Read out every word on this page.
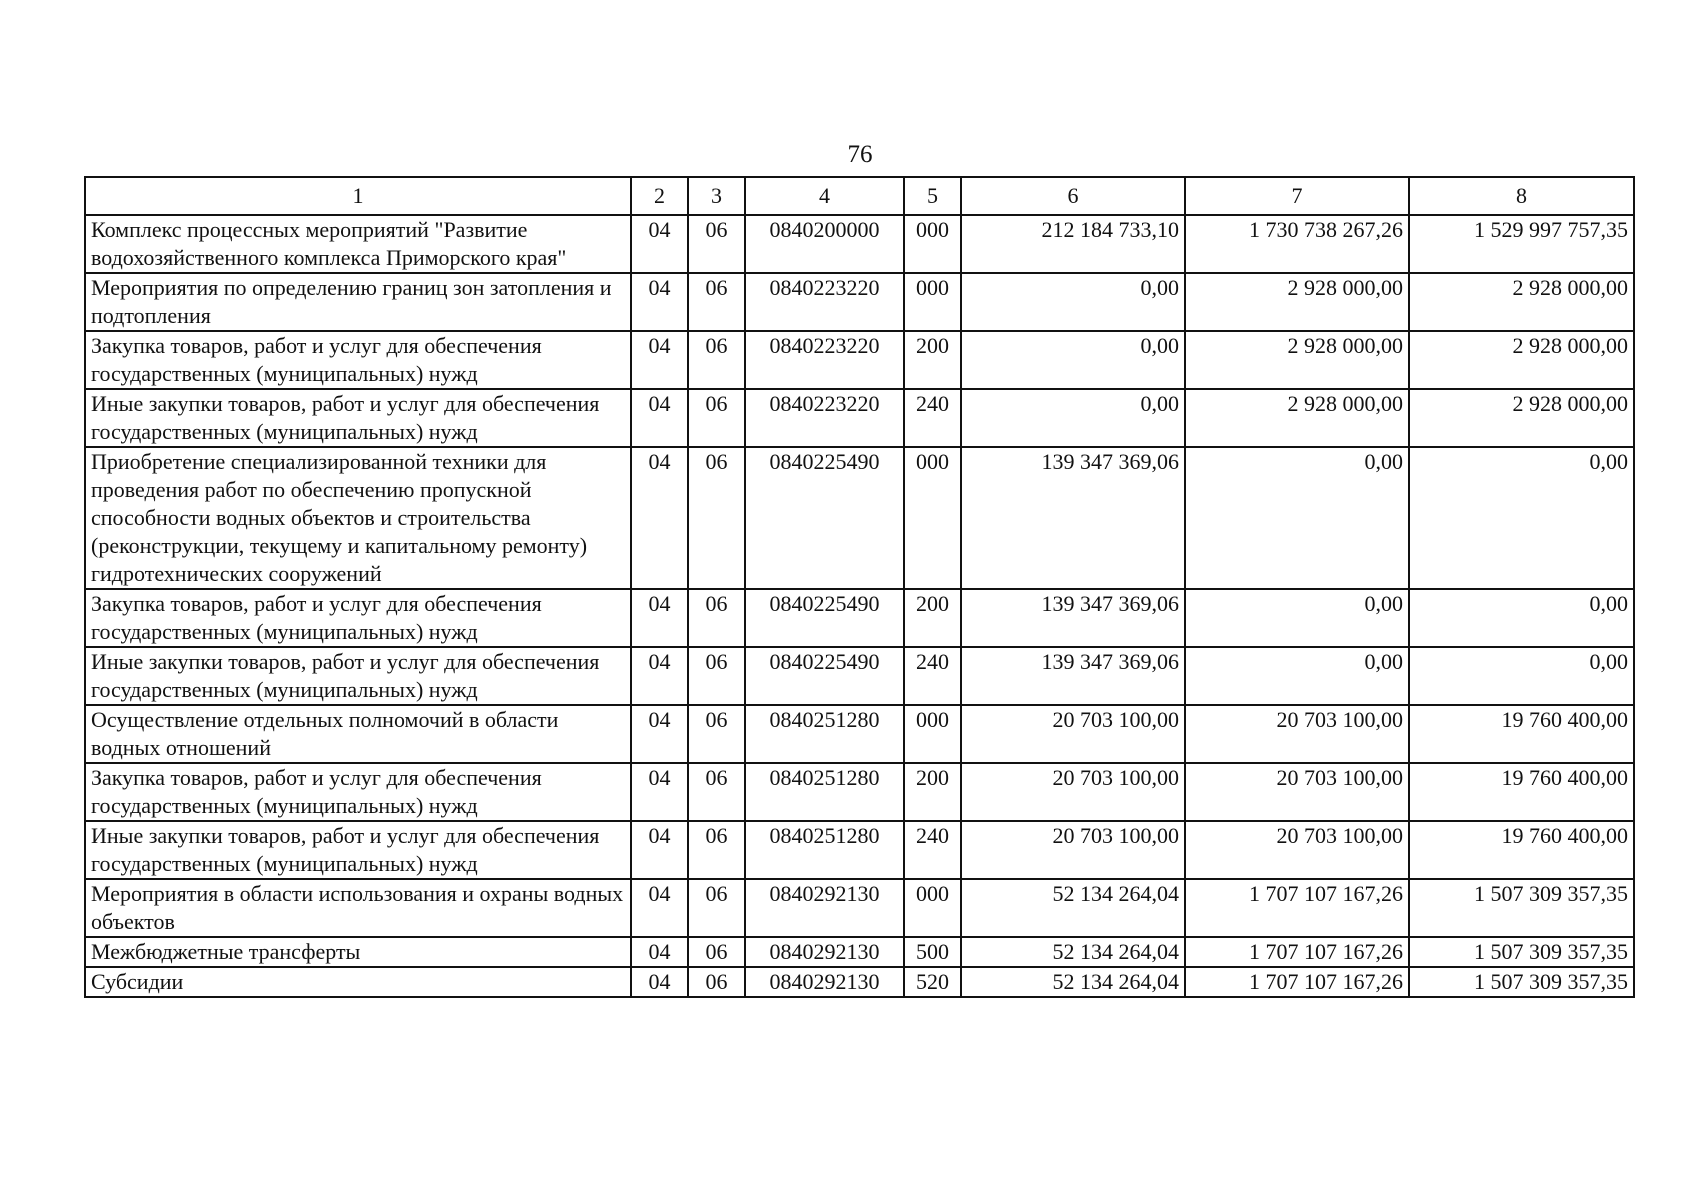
76
1	2	3	4	5	6	7	8
Комплекс процессных мероприятий "Развитие водохозяйственного комплекса Приморского края"	04	06	0840200000	000	212 184 733,10	1 730 738 267,26	1 529 997 757,35
Мероприятия по определению границ зон затопления и подтопления	04	06	0840223220	000	0,00	2 928 000,00	2 928 000,00
Закупка товаров, работ и услуг для обеспечения государственных (муниципальных) нужд	04	06	0840223220	200	0,00	2 928 000,00	2 928 000,00
Иные закупки товаров, работ и услуг для обеспечения государственных (муниципальных) нужд	04	06	0840223220	240	0,00	2 928 000,00	2 928 000,00
Приобретение специализированной техники для проведения работ по обеспечению пропускной способности водных объектов и строительства (реконструкции, текущему и капитальному ремонту) гидротехнических сооружений	04	06	0840225490	000	139 347 369,06	0,00	0,00
Закупка товаров, работ и услуг для обеспечения государственных (муниципальных) нужд	04	06	0840225490	200	139 347 369,06	0,00	0,00
Иные закупки товаров, работ и услуг для обеспечения государственных (муниципальных) нужд	04	06	0840225490	240	139 347 369,06	0,00	0,00
Осуществление отдельных полномочий в области водных отношений	04	06	0840251280	000	20 703 100,00	20 703 100,00	19 760 400,00
Закупка товаров, работ и услуг для обеспечения государственных (муниципальных) нужд	04	06	0840251280	200	20 703 100,00	20 703 100,00	19 760 400,00
Иные закупки товаров, работ и услуг для обеспечения государственных (муниципальных) нужд	04	06	0840251280	240	20 703 100,00	20 703 100,00	19 760 400,00
Мероприятия в области использования и охраны водных объектов	04	06	0840292130	000	52 134 264,04	1 707 107 167,26	1 507 309 357,35
Межбюджетные трансферты	04	06	0840292130	500	52 134 264,04	1 707 107 167,26	1 507 309 357,35
Субсидии	04	06	0840292130	520	52 134 264,04	1 707 107 167,26	1 507 309 357,35
